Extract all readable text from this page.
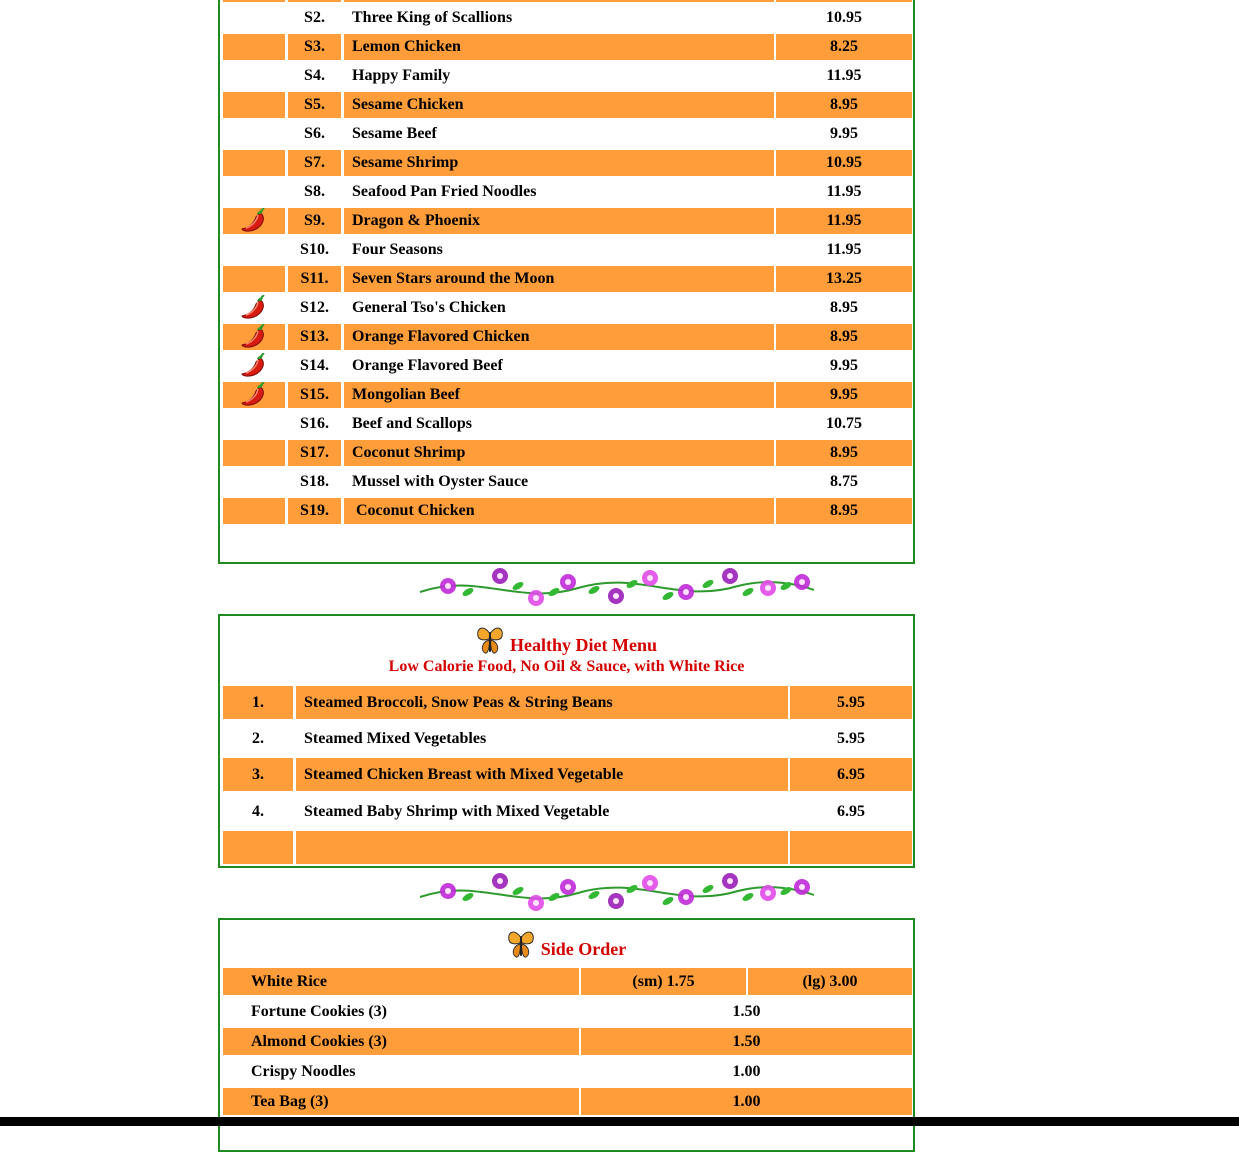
S2.	Three King of Scallions	10.95
S3.	Lemon Chicken	8.25
S4.	Happy Family	11.95
S5.	Sesame Chicken	8.95
S6.	Sesame Beef	9.95
S7.	Sesame Shrimp	10.95
S8.	Seafood Pan Fried Noodles	11.95
S9.	Dragon & Phoenix	11.95
S10.	Four Seasons	11.95
S11.	Seven Stars around the Moon	13.25
S12.	General Tso's Chicken	8.95
S13.	Orange Flavored Chicken	8.95
S14.	Orange Flavored Beef	9.95
S15.	Mongolian Beef	9.95
S16.	Beef and Scallops	10.75
S17.	Coconut Shrimp	8.95
S18.	Mussel with Oyster Sauce	8.75
S19.	Coconut Chicken	8.95
Healthy Diet Menu
Low Calorie Food, No Oil & Sauce, with White Rice
1.	Steamed Broccoli, Snow Peas & String Beans	5.95
2.	Steamed Mixed Vegetables	5.95
3.	Steamed Chicken Breast with Mixed Vegetable	6.95
4.	Steamed Baby Shrimp with Mixed Vegetable	6.95
Side Order
White Rice	(sm) 1.75	(lg) 3.00
Fortune Cookies (3)	1.50
Almond Cookies (3)	1.50
Crispy Noodles	1.00
Tea Bag (3)	1.00
